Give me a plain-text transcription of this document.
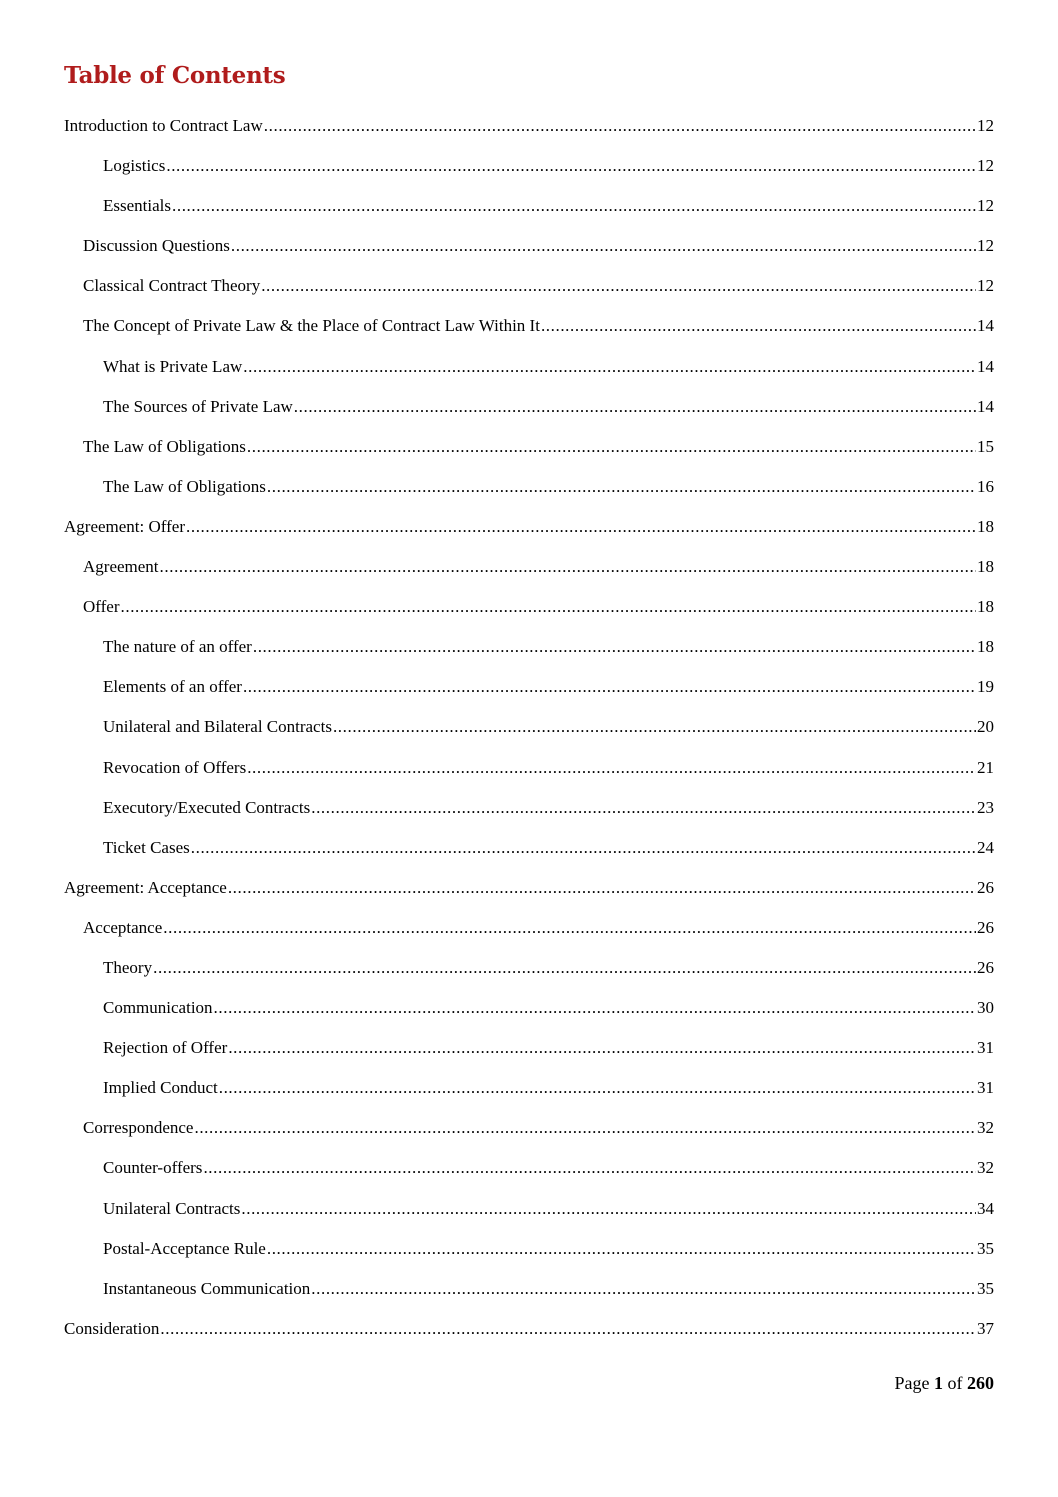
Table of Contents
Introduction to Contract Law .....	12
Logistics .....	12
Essentials .....	12
Discussion Questions .....	12
Classical Contract Theory .....	12
The Concept of Private Law & the Place of Contract Law Within It .....	14
What is Private Law .....	14
The Sources of Private Law .....	14
The Law of Obligations .....	15
The Law of Obligations .....	16
Agreement: Offer .....	18
Agreement .....	18
Offer .....	18
The nature of an offer .....	18
Elements of an offer .....	19
Unilateral and Bilateral Contracts .....	20
Revocation of Offers .....	21
Executory/Executed Contracts .....	23
Ticket Cases .....	24
Agreement: Acceptance .....	26
Acceptance .....	26
Theory .....	26
Communication .....	30
Rejection of Offer .....	31
Implied Conduct .....	31
Correspondence .....	32
Counter-offers .....	32
Unilateral Contracts .....	34
Postal-Acceptance Rule .....	35
Instantaneous Communication .....	35
Consideration .....	37
Page 1 of 260
